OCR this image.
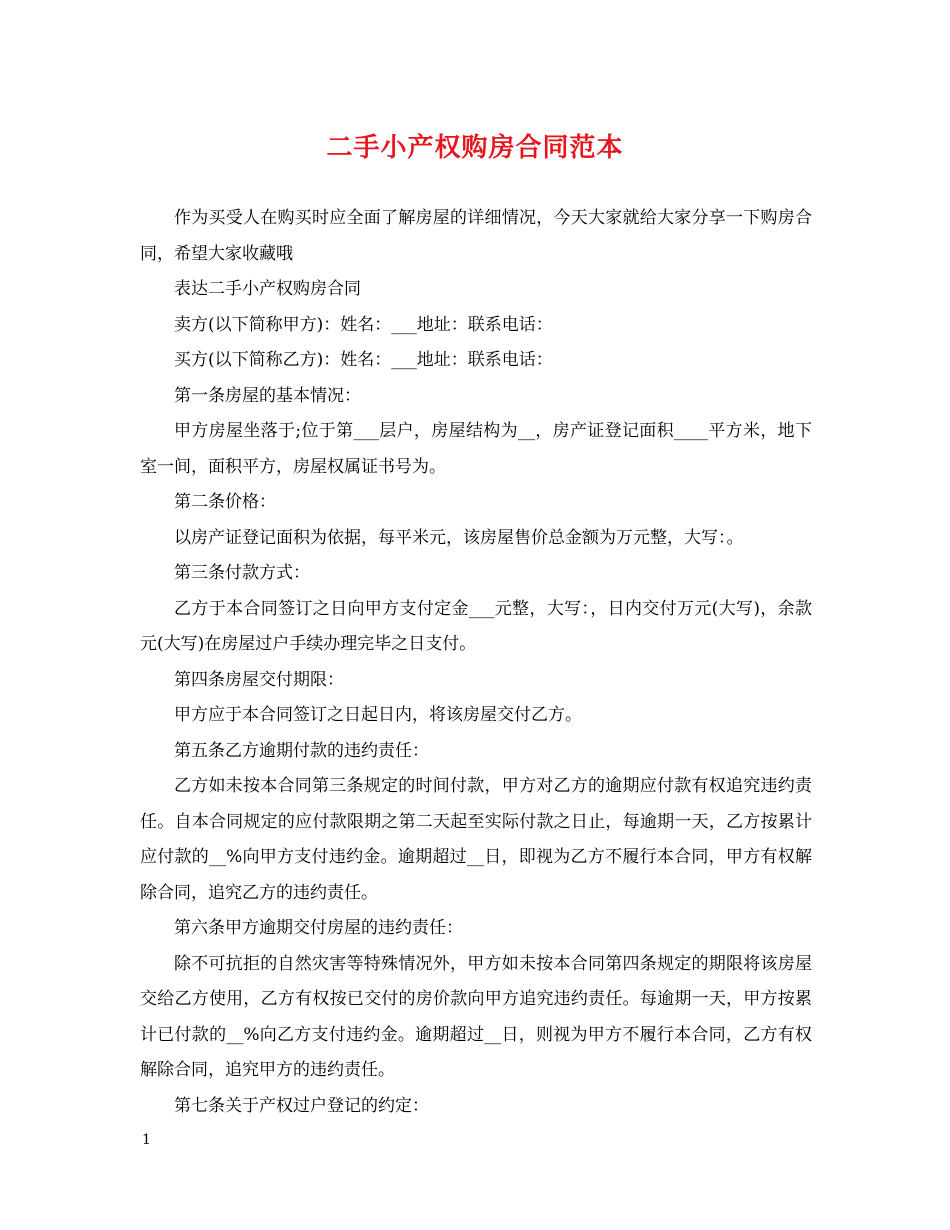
二手小产权购房合同范本

作为买受人在购买时应全面了解房屋的详细情况，今天大家就给大家分享一下购房合同，希望大家收藏哦

表达二手小产权购房合同

卖方(以下简称甲方)：姓名：___地址：联系电话：

买方(以下简称乙方)：姓名：___地址：联系电话：

第一条房屋的基本情况：

甲方房屋坐落于;位于第___层户，房屋结构为__，房产证登记面积____平方米，地下室一间，面积平方，房屋权属证书号为。

第二条价格：

以房产证登记面积为依据，每平米元，该房屋售价总金额为万元整，大写：。

第三条付款方式：

乙方于本合同签订之日向甲方支付定金___元整，大写：，日内交付万元(大写)，余款元(大写)在房屋过户手续办理完毕之日支付。

第四条房屋交付期限：

甲方应于本合同签订之日起日内，将该房屋交付乙方。

第五条乙方逾期付款的违约责任：

乙方如未按本合同第三条规定的时间付款，甲方对乙方的逾期应付款有权追究违约责任。自本合同规定的应付款限期之第二天起至实际付款之日止，每逾期一天，乙方按累计应付款的__%向甲方支付违约金。逾期超过__日，即视为乙方不履行本合同，甲方有权解除合同，追究乙方的违约责任。

第六条甲方逾期交付房屋的违约责任：

除不可抗拒的自然灾害等特殊情况外，甲方如未按本合同第四条规定的期限将该房屋交给乙方使用，乙方有权按已交付的房价款向甲方追究违约责任。每逾期一天，甲方按累计已付款的__%向乙方支付违约金。逾期超过__日，则视为甲方不履行本合同，乙方有权解除合同，追究甲方的违约责任。

第七条关于产权过户登记的约定：

1
